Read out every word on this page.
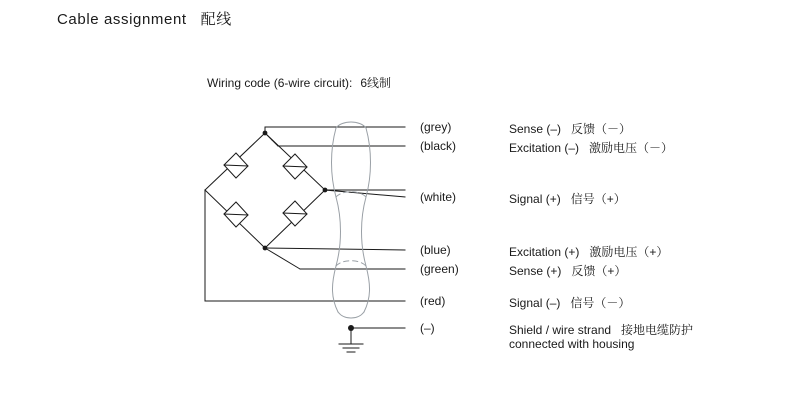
Cable assignment 配线
Wiring code (6-wire circuit): 6线制
(grey)	Sense (–) 反馈（－）
(black)	Excitation (–) 激励电压（－）
(white)	Signal (+) 信号（+）
(blue)	Excitation (+) 激励电压（+）
(green)	Sense (+) 反馈（+）
(red)	Signal (–) 信号（－）
(–)	Shield / wire strand 接地电缆防护
connected with housing
